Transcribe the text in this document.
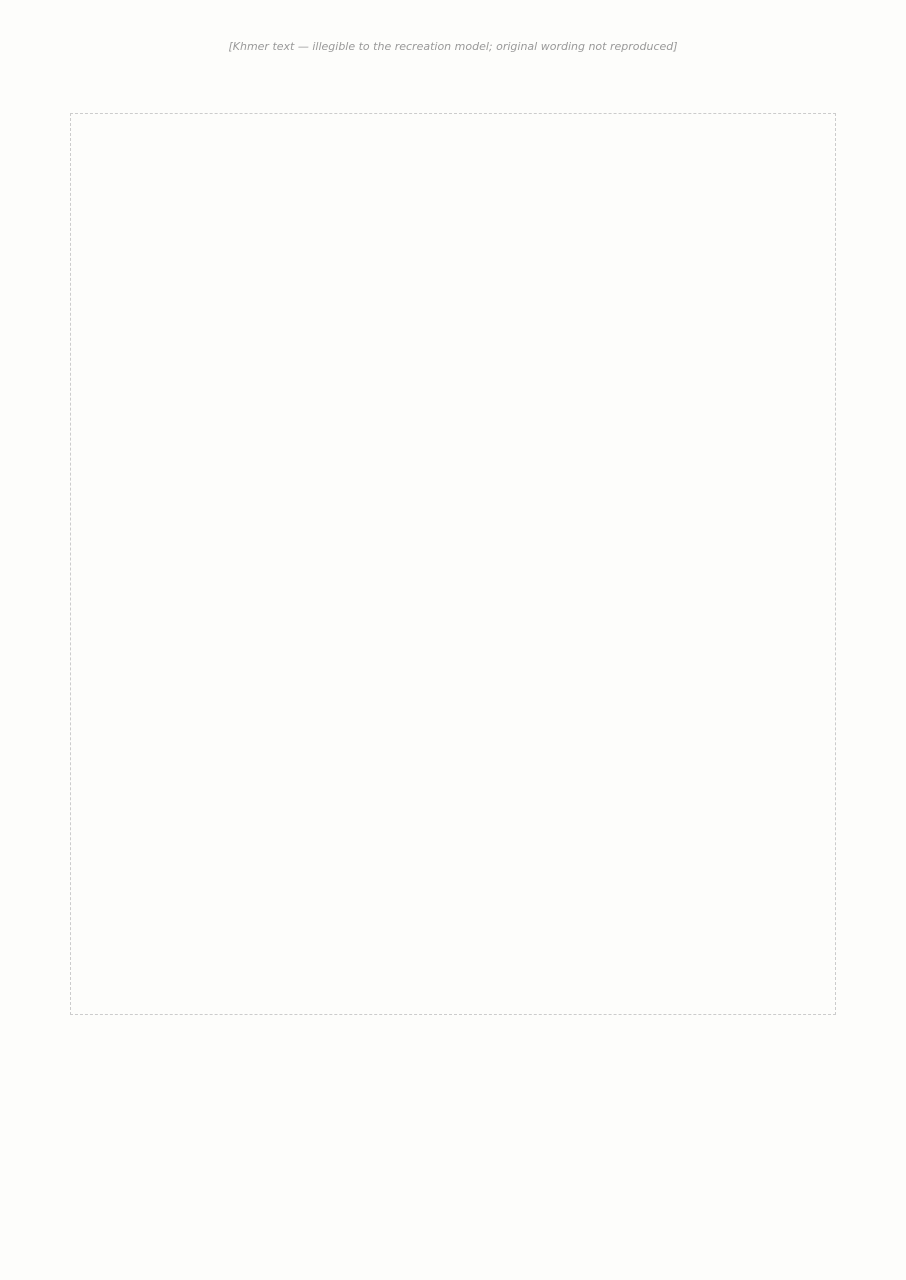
[Khmer text — illegible to the recreation model; original wording not reproduced]
